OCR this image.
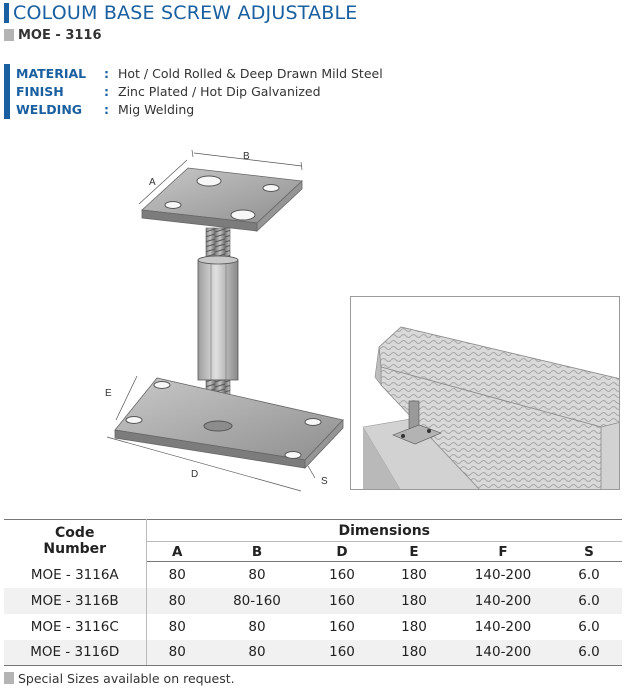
COLOUM BASE SCREW ADJUSTABLE
MOE - 3116
MATERIAL	: Hot / Cold Rolled & Deep Drawn Mild Steel
FINISH	: Zinc Plated / Hot Dip Galvanized
WELDING	: Mig Welding
B
A
E
D
S
Code
Number	Dimensions					
	A	B	D	E	F	S
MOE - 3116A	80	80	160	180	140-200	6.0
MOE - 3116B	80	80-160	160	180	140-200	6.0
MOE - 3116C	80	80	160	180	140-200	6.0
MOE - 3116D	80	80	160	180	140-200	6.0
Special Sizes available on request.
